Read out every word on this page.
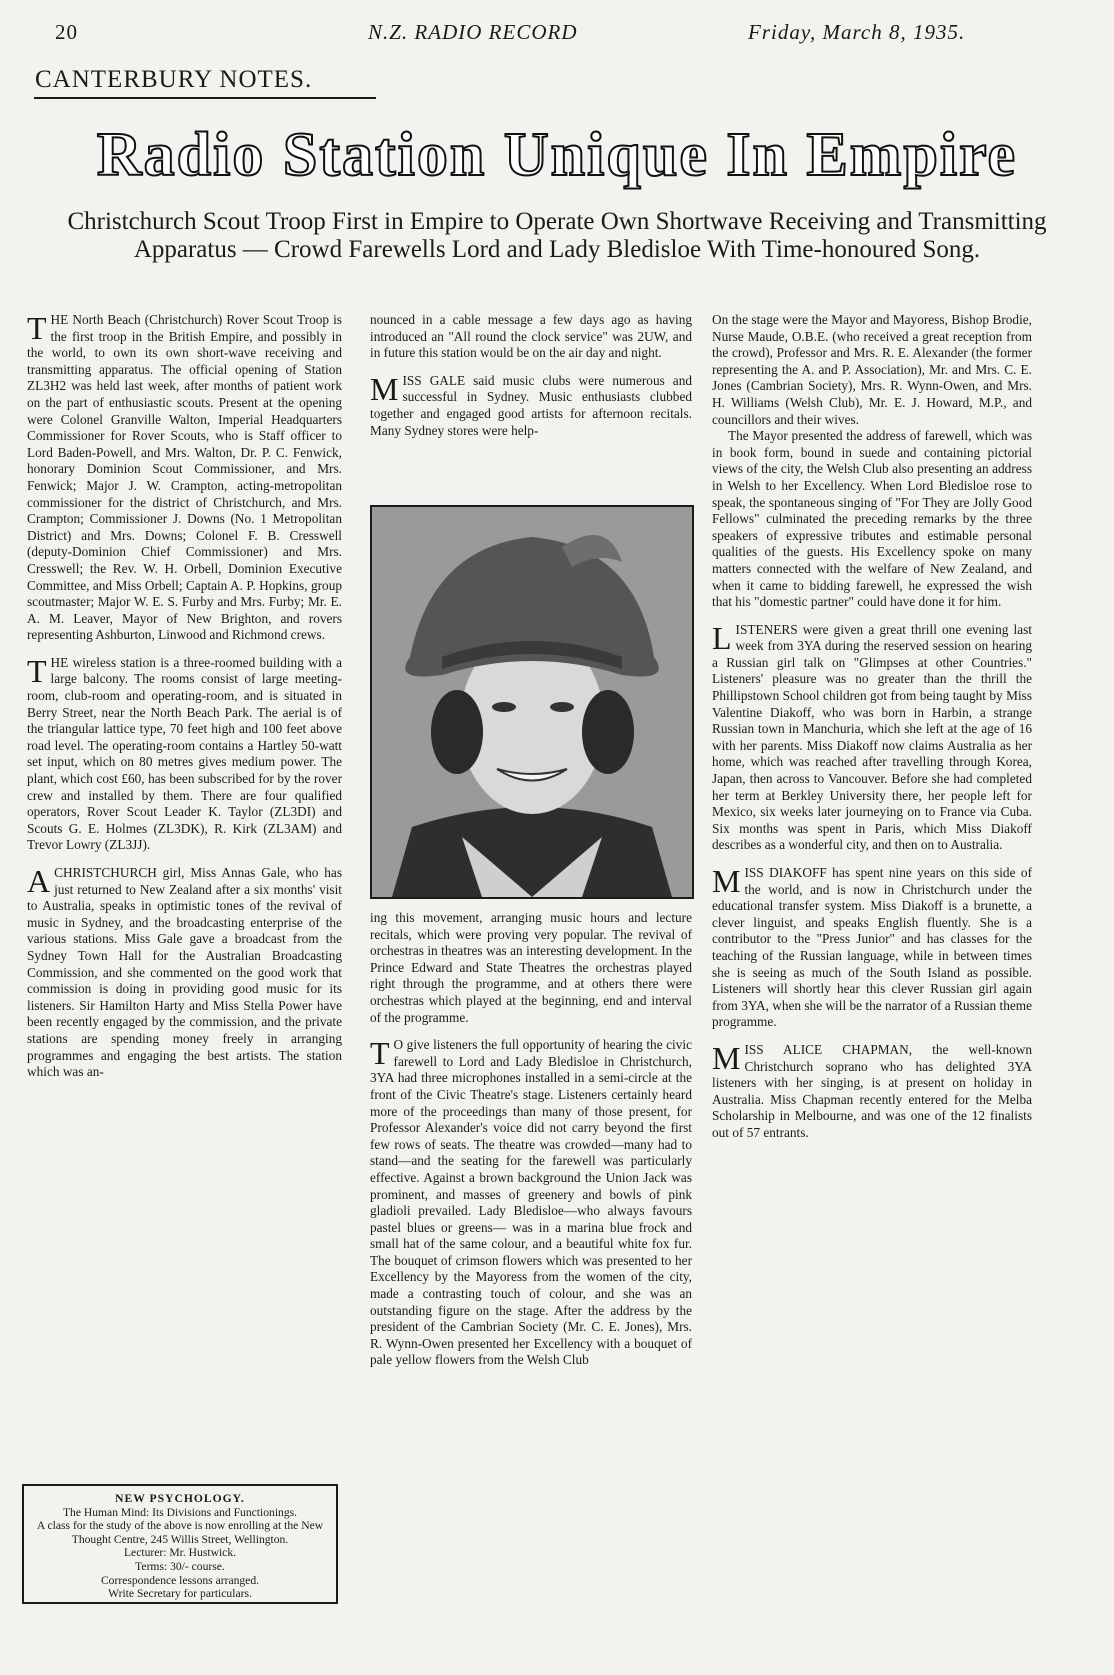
20	N.Z. RADIO RECORD	Friday, March 8, 1935.
CANTERBURY NOTES.
Radio Station Unique In Empire
Christchurch Scout Troop First in Empire to Operate Own Shortwave Receiving and Transmitting Apparatus — Crowd Farewells Lord and Lady Bledisloe With Time-honoured Song.

THE North Beach (Christchurch) Rover Scout Troop is the first troop in the British Empire, and possibly in the world, to own its own short-wave receiving and transmitting apparatus. The official opening of Station ZL3H2 was held last week, after months of patient work on the part of enthusiastic scouts. Present at the opening were Colonel Granville Walton, Imperial Headquarters Commissioner for Rover Scouts, who is Staff officer to Lord Baden-Powell, and Mrs. Walton, Dr. P. C. Fenwick, honorary Dominion Scout Commissioner, and Mrs. Fenwick; Major J. W. Crampton, acting-metropolitan commissioner for the district of Christchurch, and Mrs. Crampton; Commissioner J. Downs (No. 1 Metropolitan District) and Mrs. Downs; Colonel F. B. Cresswell (deputy-Dominion Chief Commissioner) and Mrs. Cresswell; the Rev. W. H. Orbell, Dominion Executive Committee, and Miss Orbell; Captain A. P. Hopkins, group scoutmaster; Major W. E. S. Furby and Mrs. Furby; Mr. E. A. M. Leaver, Mayor of New Brighton, and rovers representing Ashburton, Linwood and Richmond crews.

THE wireless station is a three-roomed building with a large balcony. The rooms consist of large meeting-room, club-room and operating-room, and is situated in Berry Street, near the North Beach Park. The aerial is of the triangular lattice type, 70 feet high and 100 feet above road level. The operating-room contains a Hartley 50-watt set input, which on 80 metres gives medium power. The plant, which cost £60, has been subscribed for by the rover crew and installed by them. There are four qualified operators, Rover Scout Leader K. Taylor (ZL3DI) and Scouts G. E. Holmes (ZL3DK), R. Kirk (ZL3AM) and Trevor Lowry (ZL3JJ).

ACHRISTCHURCH girl, Miss Annas Gale, who has just returned to New Zealand after a six months' visit to Australia, speaks in optimistic tones of the revival of music in Sydney, and the broadcasting enterprise of the various stations. Miss Gale gave a broadcast from the Sydney Town Hall for the Australian Broadcasting Commission, and she commented on the good work that commission is doing in providing good music for its listeners. Sir Hamilton Harty and Miss Stella Power have been recently engaged by the commission, and the private stations are spending money freely in arranging programmes and engaging the best artists. The station which was an-

NEW PSYCHOLOGY.
The Human Mind: Its Divisions and Functionings.
A class for the study of the above is now enrolling at the New Thought Centre, 245 Willis Street, Wellington.
Lecturer: Mr. Hustwick.
Terms: 30/- course.
Correspondence lessons arranged.
Write Secretary for particulars.

nounced in a cable message a few days ago as having introduced an "All round the clock service" was 2UW, and in future this station would be on the air day and night.

MISS GALE said music clubs were numerous and successful in Sydney. Music enthusiasts clubbed together and engaged good artists for afternoon recitals. Many Sydney stores were help-

ing this movement, arranging music hours and lecture recitals, which were proving very popular. The revival of orchestras in theatres was an interesting development. In the Prince Edward and State Theatres the orchestras played right through the programme, and at others there were orchestras which played at the beginning, end and interval of the programme.

T O give listeners the full opportunity of hearing the civic farewell to Lord and Lady Bledisloe in Christchurch, 3YA had three microphones installed in a semi-circle at the front of the Civic Theatre's stage. Listeners certainly heard more of the proceedings than many of those present, for Professor Alexander's voice did not carry beyond the first few rows of seats. The theatre was crowded—many had to stand—and the seating for the farewell was particularly effective. Against a brown background the Union Jack was prominent, and masses of greenery and bowls of pink gladioli prevailed. Lady Bledisloe—who always favours pastel blues or greens— was in a marina blue frock and small hat of the same colour, and a beautiful white fox fur. The bouquet of crimson flowers which was presented to her Excellency by the Mayoress from the women of the city, made a contrasting touch of colour, and she was an outstanding figure on the stage. After the address by the president of the Cambrian Society (Mr. C. E. Jones), Mrs. R. Wynn-Owen presented her Excellency with a bouquet of pale yellow flowers from the Welsh Club

On the stage were the Mayor and Mayoress, Bishop Brodie, Nurse Maude, O.B.E. (who received a great reception from the crowd), Professor and Mrs. R. E. Alexander (the former representing the A. and P. Association), Mr. and Mrs. C. E. Jones (Cambrian Society), Mrs. R. Wynn-Owen, and Mrs. H. Williams (Welsh Club), Mr. E. J. Howard, M.P., and councillors and their wives.

The Mayor presented the address of farewell, which was in book form, bound in suede and containing pictorial views of the city, the Welsh Club also presenting an address in Welsh to her Excellency. When Lord Bledisloe rose to speak, the spontaneous singing of "For They are Jolly Good Fellows" culminated the preceding remarks by the three speakers of expressive tributes and estimable personal qualities of the guests. His Excellency spoke on many matters connected with the welfare of New Zealand, and when it came to bidding farewell, he expressed the wish that his "domestic partner" could have done it for him.

LISTENERS were given a great thrill one evening last week from 3YA during the reserved session on hearing a Russian girl talk on "Glimpses at other Countries." Listeners' pleasure was no greater than the thrill the Phillipstown School children got from being taught by Miss Valentine Diakoff, who was born in Harbin, a strange Russian town in Manchuria, which she left at the age of 16 with her parents. Miss Diakoff now claims Australia as her home, which was reached after travelling through Korea, Japan, then across to Vancouver. Before she had completed her term at Berkley University there, her people left for Mexico, six weeks later journeying on to France via Cuba. Six months was spent in Paris, which Miss Diakoff describes as a wonderful city, and then on to Australia.

MISS DIAKOFF has spent nine years on this side of the world, and is now in Christchurch under the educational transfer system. Miss Diakoff is a brunette, a clever linguist, and speaks English fluently. She is a contributor to the "Press Junior" and has classes for the teaching of the Russian language, while in between times she is seeing as much of the South Island as possible. Listeners will shortly hear this clever Russian girl again from 3YA, when she will be the narrator of a Russian theme programme.

MISS ALICE CHAPMAN, the well-known Christchurch soprano who has delighted 3YA listeners with her singing, is at present on holiday in Australia. Miss Chapman recently entered for the Melba Scholarship in Melbourne, and was one of the 12 finalists out of 57 entrants.
